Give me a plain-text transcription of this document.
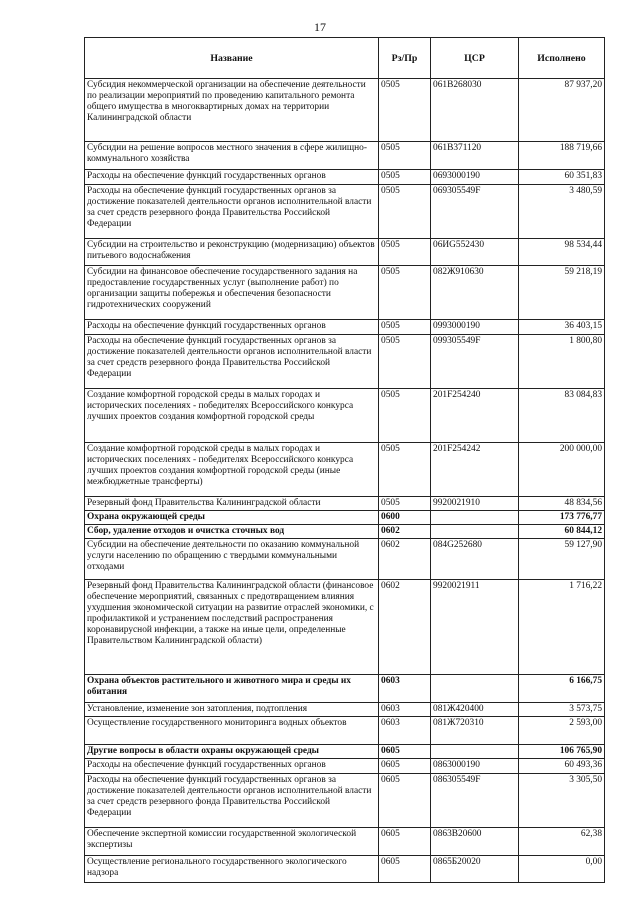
17
Название	Рз/Пр	ЦСР	Исполнено
Субсидия некоммерческой организации на обеспечение деятельности по реализации мероприятий по проведению капитального ремонта общего имущества в многоквартирных домах на территории Калининградской области	0505	061В268030	87 937,20
Субсидии на решение вопросов местного значения в сфере жилищно-коммунального хозяйства	0505	061В371120	188 719,66
Расходы на обеспечение функций государственных органов	0505	0693000190	60 351,83
Расходы на обеспечение функций государственных органов за достижение показателей деятельности органов исполнительной власти за счет средств резервного фонда Правительства Российской Федерации	0505	069305549F	3 480,59
Субсидии на строительство и реконструкцию (модернизацию) объектов питьевого водоснабжения	0505	06ИG552430	98 534,44
Субсидии на финансовое обеспечение государственного задания на предоставление государственных услуг (выполнение работ) по организации защиты побережья и обеспечения безопасности гидротехнических сооружений	0505	082Ж910630	59 218,19
Расходы на обеспечение функций государственных органов	0505	0993000190	36 403,15
Расходы на обеспечение функций государственных органов за достижение показателей деятельности органов исполнительной власти за счет средств резервного фонда Правительства Российской Федерации	0505	099305549F	1 800,80
Создание комфортной городской среды в малых городах и исторических поселениях - победителях Всероссийского конкурса лучших проектов создания комфортной городской среды	0505	201F254240	83 084,83
Создание комфортной городской среды в малых городах и исторических поселениях - победителях Всероссийского конкурса лучших проектов создания комфортной городской среды (иные межбюджетные трансферты)	0505	201F254242	200 000,00
Резервный фонд Правительства Калининградской области	0505	9920021910	48 834,56
Охрана окружающей среды	0600		173 776,77
Сбор, удаление отходов и очистка сточных вод	0602		60 844,12
Субсидии на обеспечение деятельности по оказанию коммунальной услуги населению по обращению с твердыми коммунальными отходами	0602	084G252680	59 127,90
Резервный фонд Правительства Калининградской области (финансовое обеспечение мероприятий, связанных с предотвращением влияния ухудшения экономической ситуации на развитие отраслей экономики, с профилактикой и устранением последствий распространения коронавирусной инфекции, а также на иные цели, определенные Правительством Калининградской области)	0602	9920021911	1 716,22
Охрана объектов растительного и животного мира и среды их обитания	0603		6 166,75
Установление, изменение зон затопления, подтопления	0603	081Ж420400	3 573,75
Осуществление государственного мониторинга водных объектов	0603	081Ж720310	2 593,00
Другие вопросы в области охраны окружающей среды	0605		106 765,90
Расходы на обеспечение функций государственных органов	0605	0863000190	60 493,36
Расходы на обеспечение функций государственных органов за достижение показателей деятельности органов исполнительной власти за счет средств резервного фонда Правительства Российской Федерации	0605	086305549F	3 305,50
Обеспечение экспертной комиссии государственной экологической экспертизы	0605	0863В20600	62,38
Осуществление регионального государственного экологического надзора	0605	0865Б20020	0,00
